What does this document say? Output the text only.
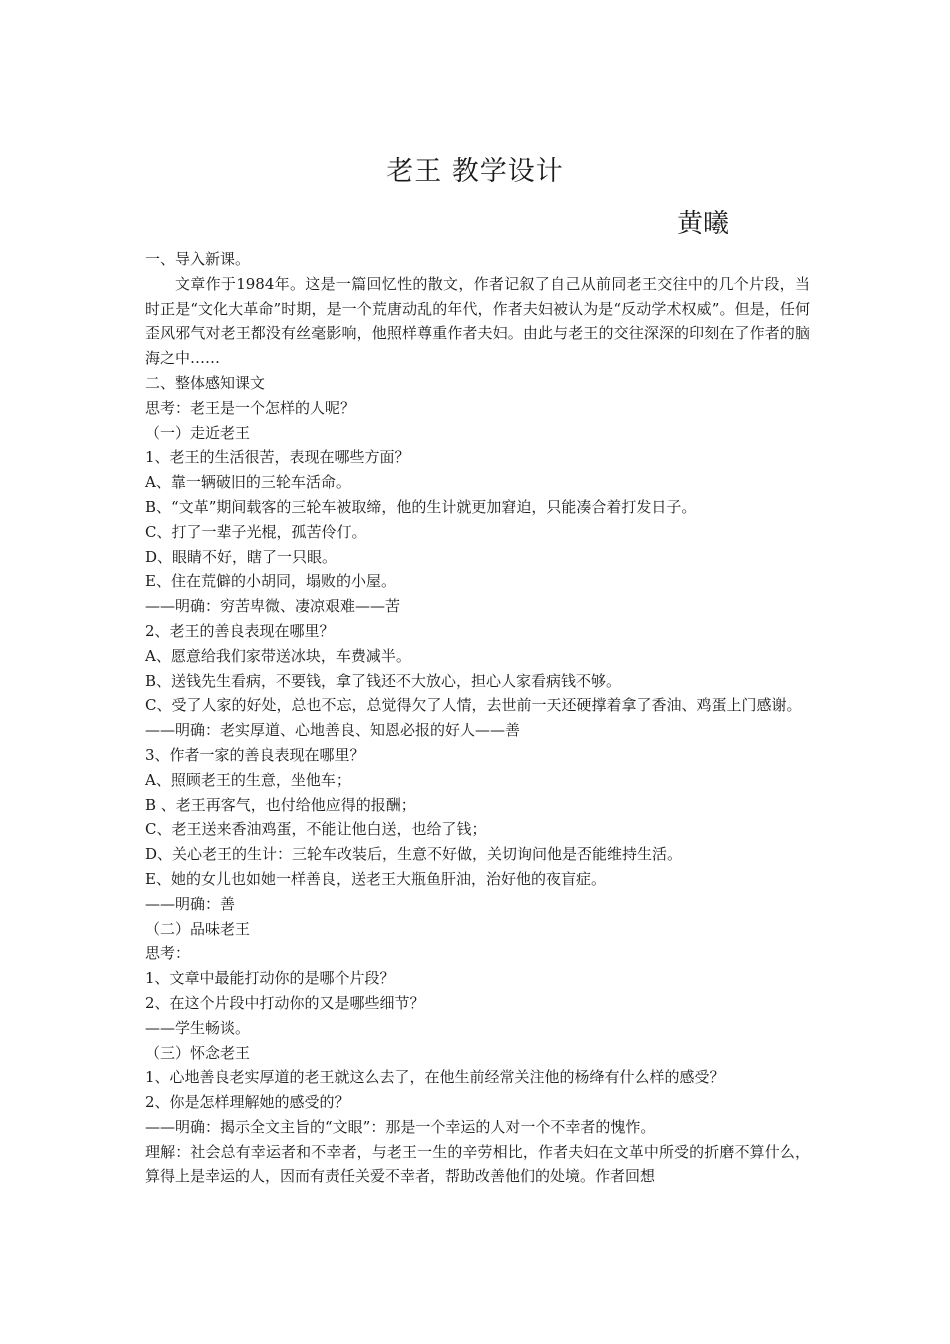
老王 教学设计
黄曦

一、导入新课。

文章作于1984年。这是一篇回忆性的散文，作者记叙了自己从前同老王交往中的几个片段，当时正是“文化大革命”时期，是一个荒唐动乱的年代，作者夫妇被认为是“反动学术权威”。但是，任何歪风邪气对老王都没有丝毫影响，他照样尊重作者夫妇。由此与老王的交往深深的印刻在了作者的脑海之中……

二、整体感知课文

思考：老王是一个怎样的人呢？

（一）走近老王

1、老王的生活很苦，表现在哪些方面？

A、靠一辆破旧的三轮车活命。

B、“文革”期间载客的三轮车被取缔，他的生计就更加窘迫，只能凑合着打发日子。

C、打了一辈子光棍，孤苦伶仃。

D、眼睛不好，瞎了一只眼。

E、住在荒僻的小胡同，塌败的小屋。

——明确：穷苦卑微、凄凉艰难——苦

2、老王的善良表现在哪里？

A、愿意给我们家带送冰块，车费减半。

B、送钱先生看病，不要钱，拿了钱还不大放心，担心人家看病钱不够。

C、受了人家的好处，总也不忘，总觉得欠了人情，去世前一天还硬撑着拿了香油、鸡蛋上门感谢。

——明确：老实厚道、心地善良、知恩必报的好人——善

3、作者一家的善良表现在哪里？

A、照顾老王的生意，坐他车；

B 、老王再客气，也付给他应得的报酬；

C、老王送来香油鸡蛋，不能让他白送，也给了钱；

D、关心老王的生计：三轮车改装后，生意不好做，关切询问他是否能维持生活。

E、她的女儿也如她一样善良，送老王大瓶鱼肝油，治好他的夜盲症。

——明确：善

（二）品味老王

思考：

1、文章中最能打动你的是哪个片段？

2、在这个片段中打动你的又是哪些细节？

——学生畅谈。

（三）怀念老王

1、心地善良老实厚道的老王就这么去了，在他生前经常关注他的杨绛有什么样的感受？

2、你是怎样理解她的感受的？

——明确：揭示全文主旨的“文眼”：那是一个幸运的人对一个不幸者的愧怍。

理解：社会总有幸运者和不幸者，与老王一生的辛劳相比，作者夫妇在文革中所受的折磨不算什么，算得上是幸运的人，因而有责任关爱不幸者，帮助改善他们的处境。作者回想
